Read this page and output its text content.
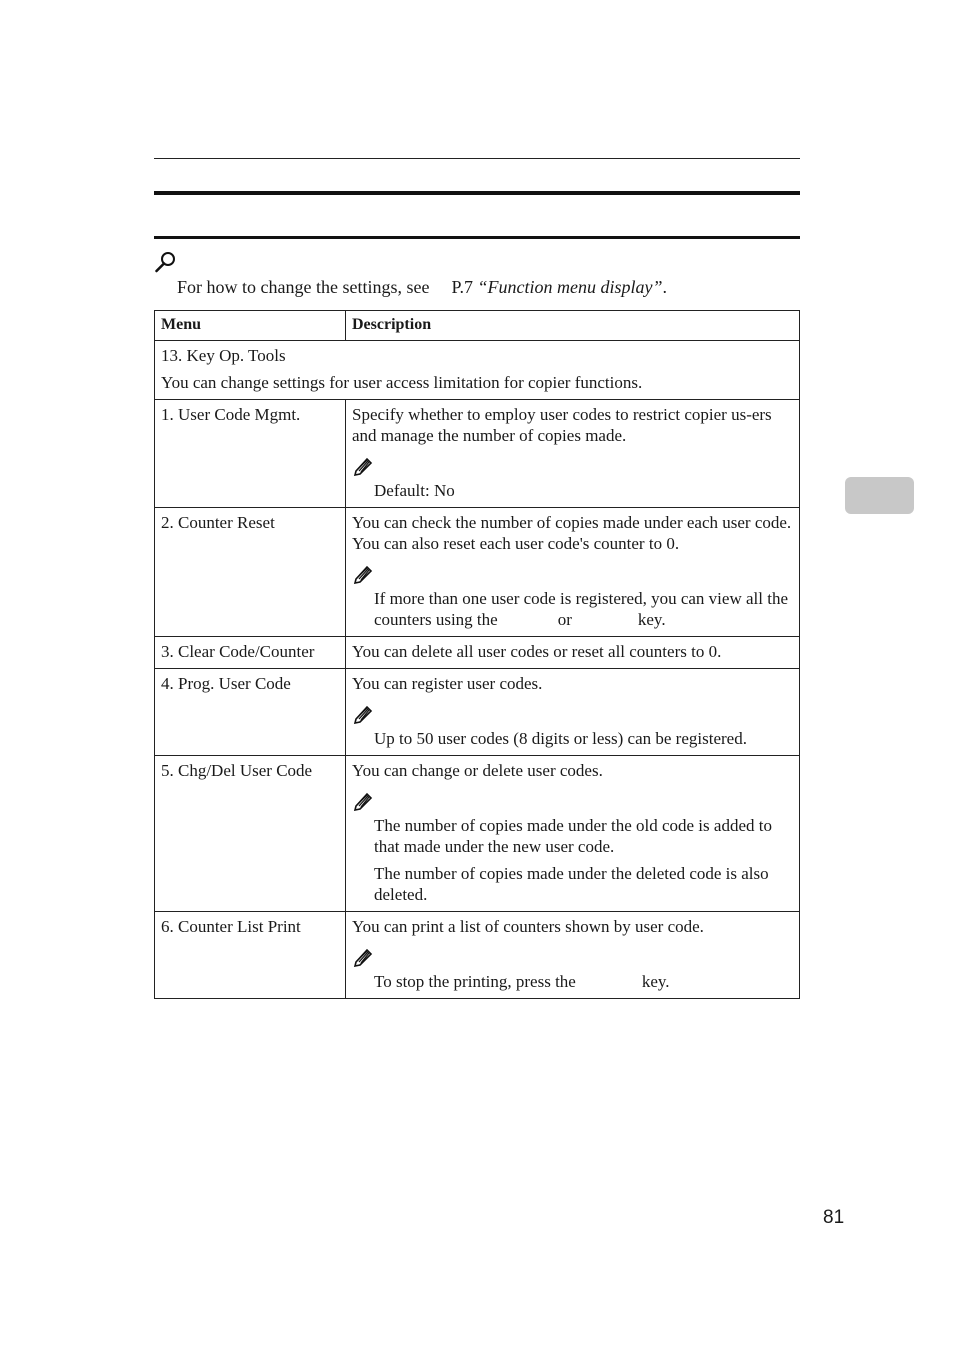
For how to change the settings, see P.7 “Function menu display”.
Menu	Description

13. Key Op. Tools
You can change settings for user access limitation for copier functions.	

1. User Code Mgmt.	Specify whether to employ user codes to restrict copier us-ers and manage the number of copies made.
Default: No

2. Counter Reset	You can check the number of copies made under each user code. You can also reset each user code's counter to 0.
If more than one user code is registered, you can view all the counters using the or key.

3. Clear Code/Counter	You can delete all user codes or reset all counters to 0.
4. Prog. User Code	You can register user codes.
Up to 50 user codes (8 digits or less) can be registered.

5. Chg/Del User Code	You can change or delete user codes.
The number of copies made under the old code is added to that made under the new user code.
The number of copies made under the deleted code is also deleted.

6. Counter List Print	You can print a list of counters shown by user code.
To stop the printing, press the key.
81
